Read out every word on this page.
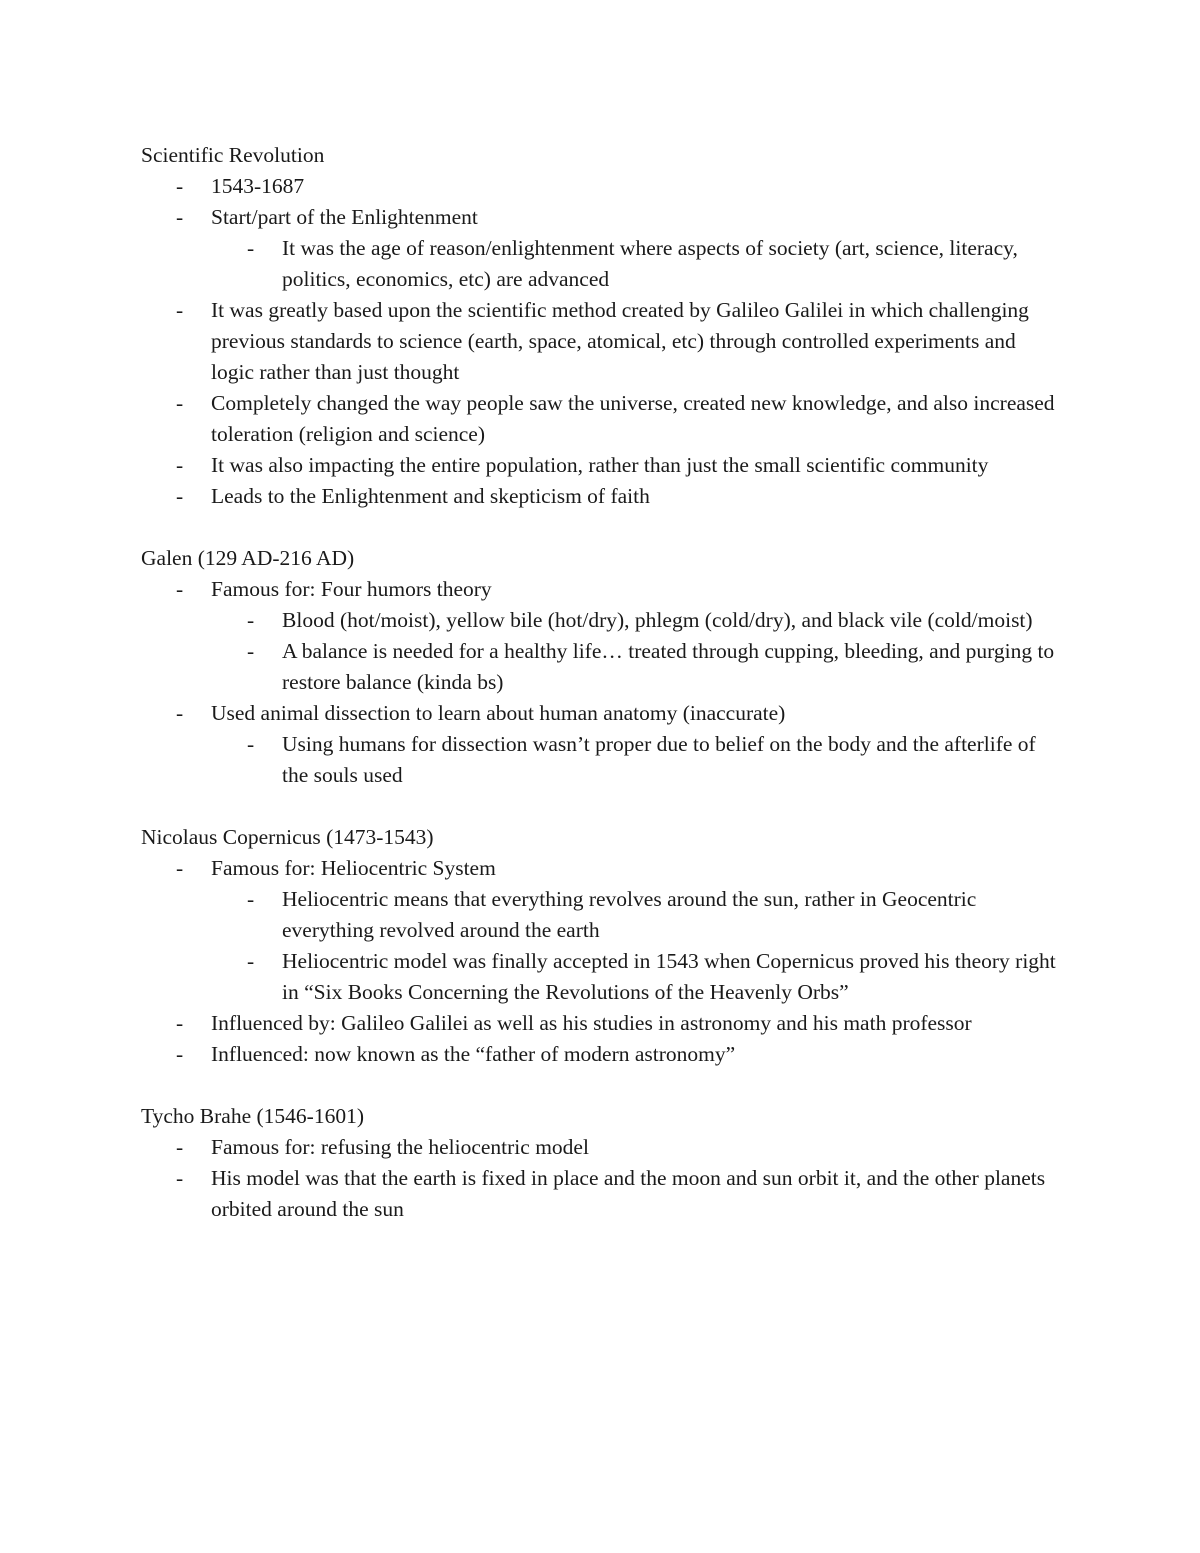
Scientific Revolution
- 1543-1687
- Start/part of the Enlightenment
- It was the age of reason/enlightenment where aspects of society (art, science, literacy, politics, economics, etc) are advanced
- It was greatly based upon the scientific method created by Galileo Galilei in which challenging previous standards to science (earth, space, atomical, etc) through controlled experiments and logic rather than just thought
- Completely changed the way people saw the universe, created new knowledge, and also increased toleration (religion and science)
- It was also impacting the entire population, rather than just the small scientific community
- Leads to the Enlightenment and skepticism of faith
Galen (129 AD-216 AD)
- Famous for: Four humors theory
- Blood (hot/moist), yellow bile (hot/dry), phlegm (cold/dry), and black vile (cold/moist)
- A balance is needed for a healthy life… treated through cupping, bleeding, and purging to restore balance (kinda bs)
- Used animal dissection to learn about human anatomy (inaccurate)
- Using humans for dissection wasn’t proper due to belief on the body and the afterlife of the souls used
Nicolaus Copernicus (1473-1543)
- Famous for: Heliocentric System
- Heliocentric means that everything revolves around the sun, rather in Geocentric everything revolved around the earth
- Heliocentric model was finally accepted in 1543 when Copernicus proved his theory right in “Six Books Concerning the Revolutions of the Heavenly Orbs”
- Influenced by: Galileo Galilei as well as his studies in astronomy and his math professor
- Influenced: now known as the “father of modern astronomy”
Tycho Brahe (1546-1601)
- Famous for: refusing the heliocentric model
- His model was that the earth is fixed in place and the moon and sun orbit it, and the other planets orbited around the sun
